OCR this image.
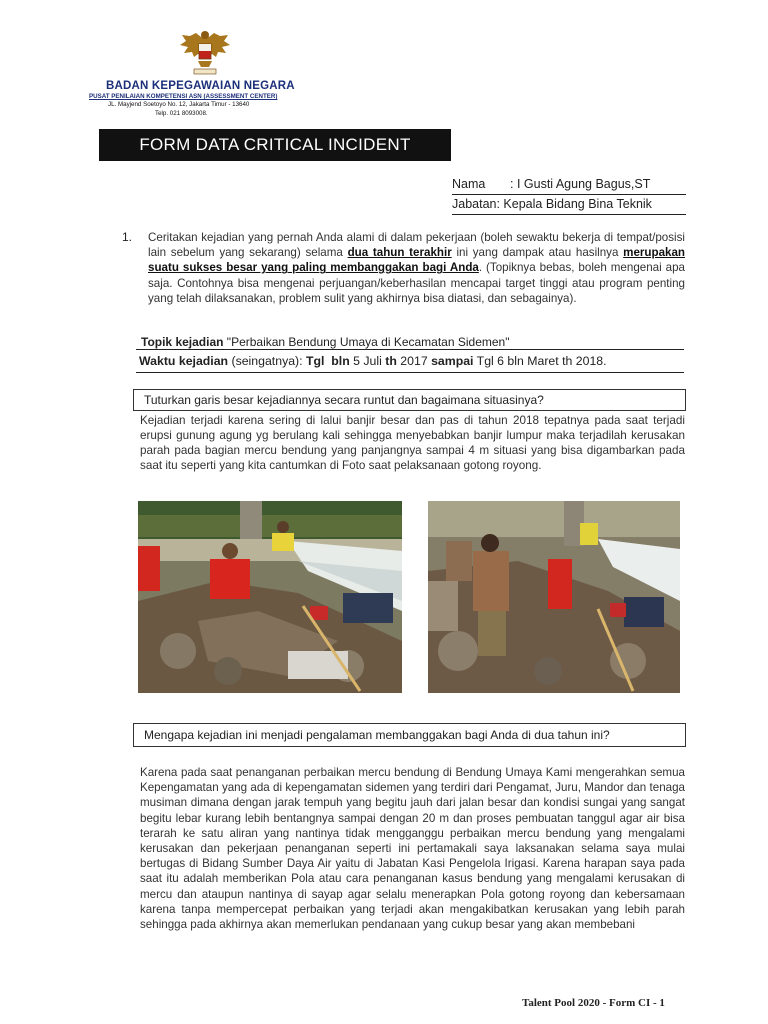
BADAN KEPEGAWAIAN NEGARA
PUSAT PENILAIAN KOMPETENSI ASN (ASSESSMENT CENTER)
JL. Mayjend Soetoyo No. 12, Jakarta Timur - 13640
Telp. 021 8093008.
FORM DATA CRITICAL INCIDENT
Nama : I Gusti Agung Bagus,ST
Jabatan: Kepala Bidang Bina Teknik
1. Ceritakan kejadian yang pernah Anda alami di dalam pekerjaan (boleh sewaktu bekerja di tempat/posisi lain sebelum yang sekarang) selama dua tahun terakhir ini yang dampak atau hasilnya merupakan suatu sukses besar yang paling membanggakan bagi Anda. (Topiknya bebas, boleh mengenai apa saja. Contohnya bisa mengenai perjuangan/keberhasilan mencapai target tinggi atau program penting yang telah dilaksanakan, problem sulit yang akhirnya bisa diatasi, dan sebagainya).
Topik kejadian "Perbaikan Bendung Umaya di Kecamatan Sidemen"
Waktu kejadian (seingatnya): Tgl
bln 5 Juli th 2017 sampai Tgl 6 bln Maret th 2018.
Tuturkan garis besar kejadiannya secara runtut dan bagaimana situasinya?
Kejadian terjadi karena sering di lalui banjir besar dan pas di tahun 2018 tepatnya pada saat terjadi erupsi gunung agung yg berulang kali sehingga menyebabkan banjir lumpur maka terjadilah kerusakan parah pada bagian mercu bendung yang panjangnya sampai 4 m situasi yang bisa digambarkan pada saat itu seperti yang kita cantumkan di Foto saat pelaksanaan gotong royong.
Mengapa kejadian ini menjadi pengalaman membanggakan bagi Anda di dua tahun ini?
Karena pada saat penanganan perbaikan mercu bendung di Bendung Umaya Kami mengerahkan semua Kepengamatan yang ada di kepengamatan sidemen yang terdiri dari Pengamat, Juru, Mandor dan tenaga musiman dimana dengan jarak tempuh yang begitu jauh dari jalan besar dan kondisi sungai yang sangat begitu lebar kurang lebih bentangnya sampai dengan 20 m dan proses pembuatan tanggul agar air bisa terarah ke satu aliran yang nantinya tidak mengganggu perbaikan mercu bendung yang mengalami kerusakan dan pekerjaan penanganan seperti ini pertamakali saya laksanakan selama saya mulai bertugas di Bidang Sumber Daya Air yaitu di Jabatan Kasi Pengelola Irigasi. Karena harapan saya pada saat itu adalah memberikan Pola atau cara penanganan kasus bendung yang mengalami kerusakan di mercu dan ataupun nantinya di sayap agar selalu menerapkan Pola gotong royong dan kebersamaan karena tanpa mempercepat perbaikan yang terjadi akan mengakibatkan kerusakan yang lebih parah sehingga pada akhirnya akan memerlukan pendanaan yang cukup besar yang akan membebani
Talent Pool 2020 - Form CI - 1
